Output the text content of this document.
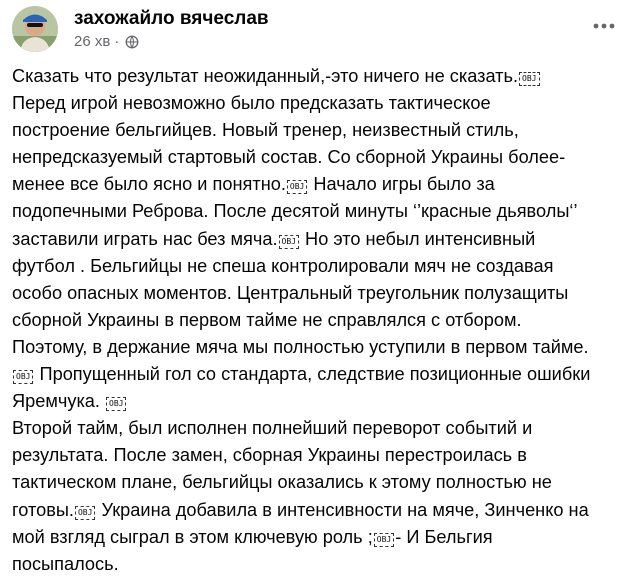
захожайло вячеслав
26 хв ·
Сказать что результат неожиданный,-это ничего не сказать. OBJ
Перед игрой невозможно было предсказать тактическое
построение бельгийцев. Новый тренер, неизвестный стиль,
непредсказуемый стартовый состав. Со сборной Украины более-
менее все было ясно и понятно. OBJ Начало игры было за
подопечными Реброва. После десятой минуты ‘’красные дьяволы‘’
заставили играть нас без мяча. OBJ Но это небыл интенсивный
футбол . Бельгийцы не спеша контролировали мяч не создавая
особо опасных моментов. Центральный треугольник полузащиты
сборной Украины в первом тайме не справлялся с отбором.
Поэтому, в держание мяча мы полностью уступили в первом тайме.
OBJ Пропущенный гол со стандарта, следствие позиционные ошибки
Яремчука. OBJ
Второй тайм, был исполнен полнейший переворот событий и
результата. После замен, сборная Украины перестроилась в
тактическом плане, бельгийцы оказались к этому полностью не
готовы. OBJ Украина добавила в интенсивности на мяче, Зинченко на
мой взгляд сыграл в этом ключевую роль ; OBJ - И Бельгия
посыпалось.
